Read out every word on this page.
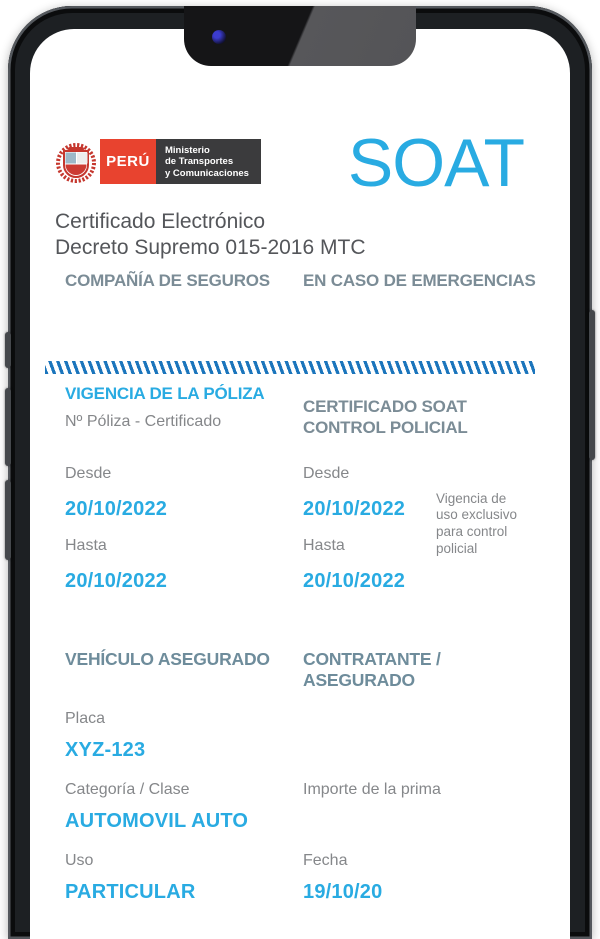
PERÚ
Ministerio
de Transportes
y Comunicaciones SOAT
Certificado Electrónico
Decreto Supremo 015-2016 MTC
COMPAÑÍA DE SEGUROS	EN CASO DE EMERGENCIAS
VIGENCIA DE LA PÓLIZA
Nº Póliza - Certificado
CERTIFICADO SOAT
CONTROL POLICIAL
Desde
20/10/2022
Hasta
20/10/2022
Desde
20/10/2022
Hasta
20/10/2022
Vigencia de uso exclusivo para control policial
VEHÍCULO ASEGURADO	CONTRATANTE / ASEGURADO
Placa
XYZ-123
Categoría / Clase
AUTOMOVIL AUTO
Importe de la prima
Uso
PARTICULAR
Fecha
19/10/20
